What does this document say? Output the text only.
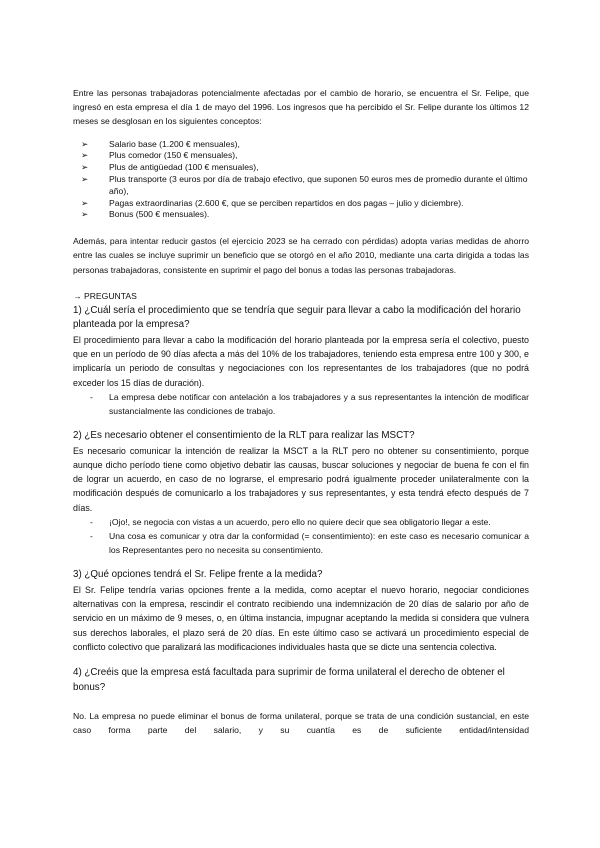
Entre las personas trabajadoras potencialmente afectadas por el cambio de horario, se encuentra el Sr. Felipe, que ingresó en esta empresa el día 1 de mayo del 1996. Los ingresos que ha percibido el Sr. Felipe durante los últimos 12 meses se desglosan en los siguientes conceptos:

➢ Salario base (1.200 € mensuales),
➢ Plus comedor (150 € mensuales),
➢ Plus de antigüedad (100 € mensuales),
➢ Plus transporte (3 euros por día de trabajo efectivo, que suponen 50 euros mes de promedio durante el último año),
➢ Pagas extraordinarias (2.600 €, que se perciben repartidos en dos pagas – julio y diciembre).
➢ Bonus (500 € mensuales).

Además, para intentar reducir gastos (el ejercicio 2023 se ha cerrado con pérdidas) adopta varias medidas de ahorro entre las cuales se incluye suprimir un beneficio que se otorgó en el año 2010, mediante una carta dirigida a todas las personas trabajadoras, consistente en suprimir el pago del bonus a todas las personas trabajadoras.

→ PREGUNTAS

1) ¿Cuál sería el procedimiento que se tendría que seguir para llevar a cabo la modificación del horario planteada por la empresa?

El procedimiento para llevar a cabo la modificación del horario planteada por la empresa sería el colectivo, puesto que en un período de 90 días afecta a más del 10% de los trabajadores, teniendo esta empresa entre 100 y 300, e implicaría un periodo de consultas y negociaciones con los representantes de los trabajadores (que no podrá exceder los 15 días de duración).

- La empresa debe notificar con antelación a los trabajadores y a sus representantes la intención de modificar sustancialmente las condiciones de trabajo.

2) ¿Es necesario obtener el consentimiento de la RLT para realizar las MSCT?

Es necesario comunicar la intención de realizar la MSCT a la RLT pero no obtener su consentimiento, porque aunque dicho período tiene como objetivo debatir las causas, buscar soluciones y negociar de buena fe con el fin de lograr un acuerdo, en caso de no lograrse, el empresario podrá igualmente proceder unilateralmente con la modificación después de comunicarlo a los trabajadores y sus representantes, y esta tendrá efecto después de 7 días.

- ¡Ojo!, se negocia con vistas a un acuerdo, pero ello no quiere decir que sea obligatorio llegar a este.
- Una cosa es comunicar y otra dar la conformidad (= consentimiento): en este caso es necesario comunicar a los Representantes pero no necesita su consentimiento.

3) ¿Qué opciones tendrá el Sr. Felipe frente a la medida?

El Sr. Felipe tendría varias opciones frente a la medida, como aceptar el nuevo horario, negociar condiciones alternativas con la empresa, rescindir el contrato recibiendo una indemnización de 20 días de salario por año de servicio en un máximo de 9 meses, o, en última instancia, impugnar aceptando la medida si considera que vulnera sus derechos laborales, el plazo será de 20 días. En este último caso se activará un procedimiento especial de conflicto colectivo que paralizará las modificaciones individuales hasta que se dicte una sentencia colectiva.

4) ¿Creéis que la empresa está facultada para suprimir de forma unilateral el derecho de obtener el bonus?

No. La empresa no puede eliminar el bonus de forma unilateral, porque se trata de una condición sustancial, en este caso forma parte del salario, y su cuantía es de suficiente entidad/intensidad
